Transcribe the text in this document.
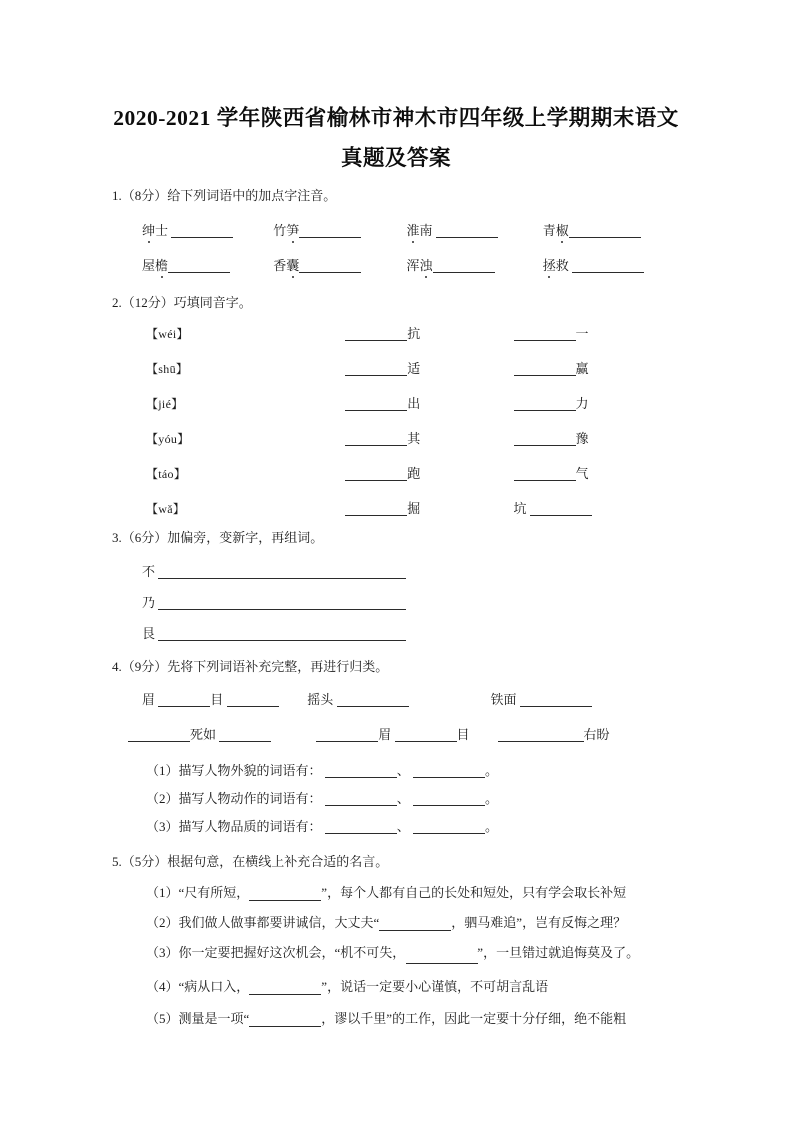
2020-2021 学年陕西省榆林市神木市四年级上学期期末语文
真题及答案
1.（8分）给下列词语中的加点字注音。
绅士	竹笋	淮南	青椒
屋檐	香囊	浑浊	拯救
2.（12分）巧填同音字。
【wéi】	抗	一
【shū】	适	赢
【jié】	出	力
【yóu】	其	豫
【táo】	跑	气
【wǎ】	掘	坑
3.（6分）加偏旁，变新字，再组词。
不
乃
艮
4.（9分）先将下列词语补充完整，再进行归类。
眉	目	摇头	铁面
死如	眉	目	右盼
（1）描写人物外貌的词语有：	、	。
（2）描写人物动作的词语有：	、	。
（3）描写人物品质的词语有：	、	。
5.（5分）根据句意，在横线上补充合适的名言。
（1）“尺有所短，	”，每个人都有自己的长处和短处，只有学会取长补短
（2）我们做人做事都要讲诚信，大丈夫“	，驷马难追”，岂有反悔之理？
（3）你一定要把握好这次机会，“机不可失，	”，一旦错过就追悔莫及了。
（4）“病从口入，	”，说话一定要小心谨慎，不可胡言乱语
（5）测量是一项“	，谬以千里”的工作，因此一定要十分仔细，绝不能粗
